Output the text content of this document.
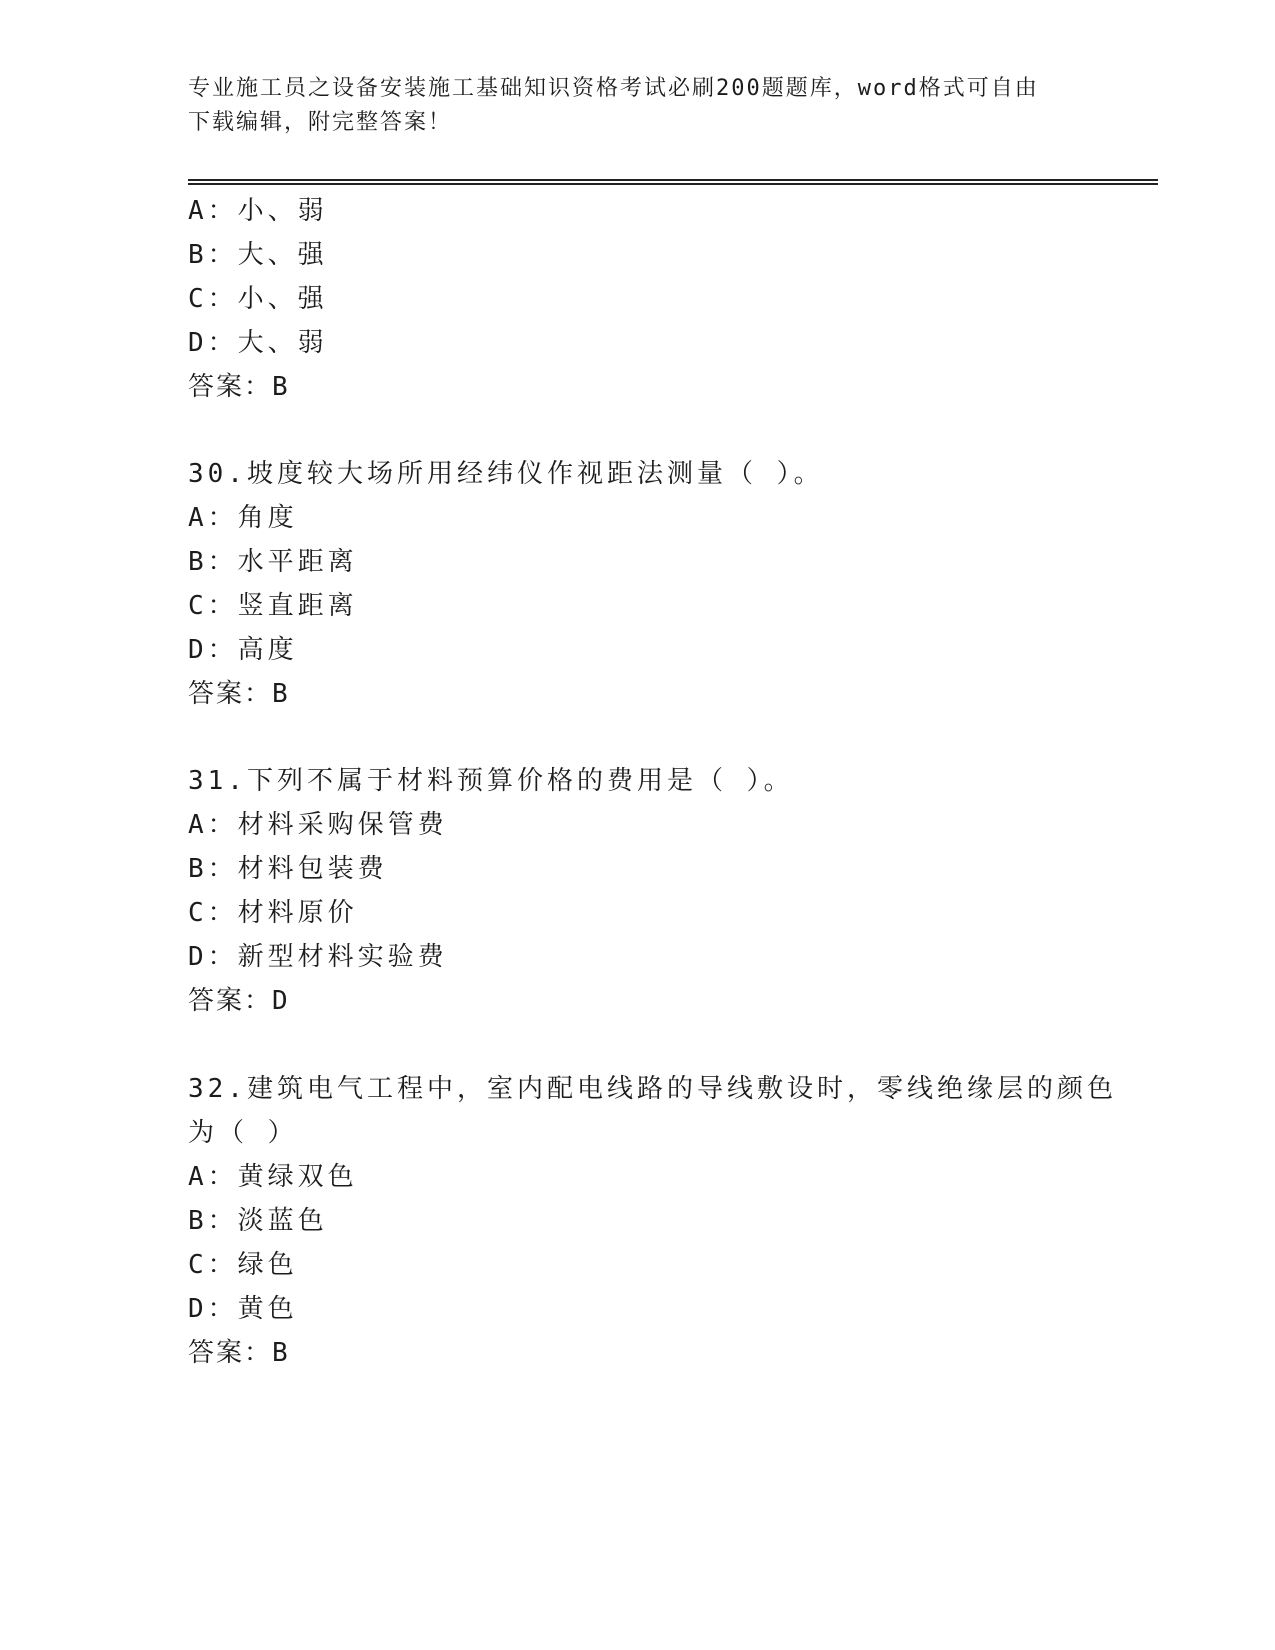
专业施工员之设备安装施工基础知识资格考试必刷200题题库，word格式可自由
下载编辑，附完整答案！
A：小、弱
B：大、强
C：小、强
D：大、弱
答案：B
30.坡度较大场所用经纬仪作视距法测量（ ）。
A：角度
B：水平距离
C：竖直距离
D：高度
答案：B
31.下列不属于材料预算价格的费用是（ ）。
A：材料采购保管费
B：材料包装费
C：材料原价
D：新型材料实验费
答案：D
32.建筑电气工程中，室内配电线路的导线敷设时，零线绝缘层的颜色
为（ ）
A：黄绿双色
B：淡蓝色
C：绿色
D：黄色
答案：B
